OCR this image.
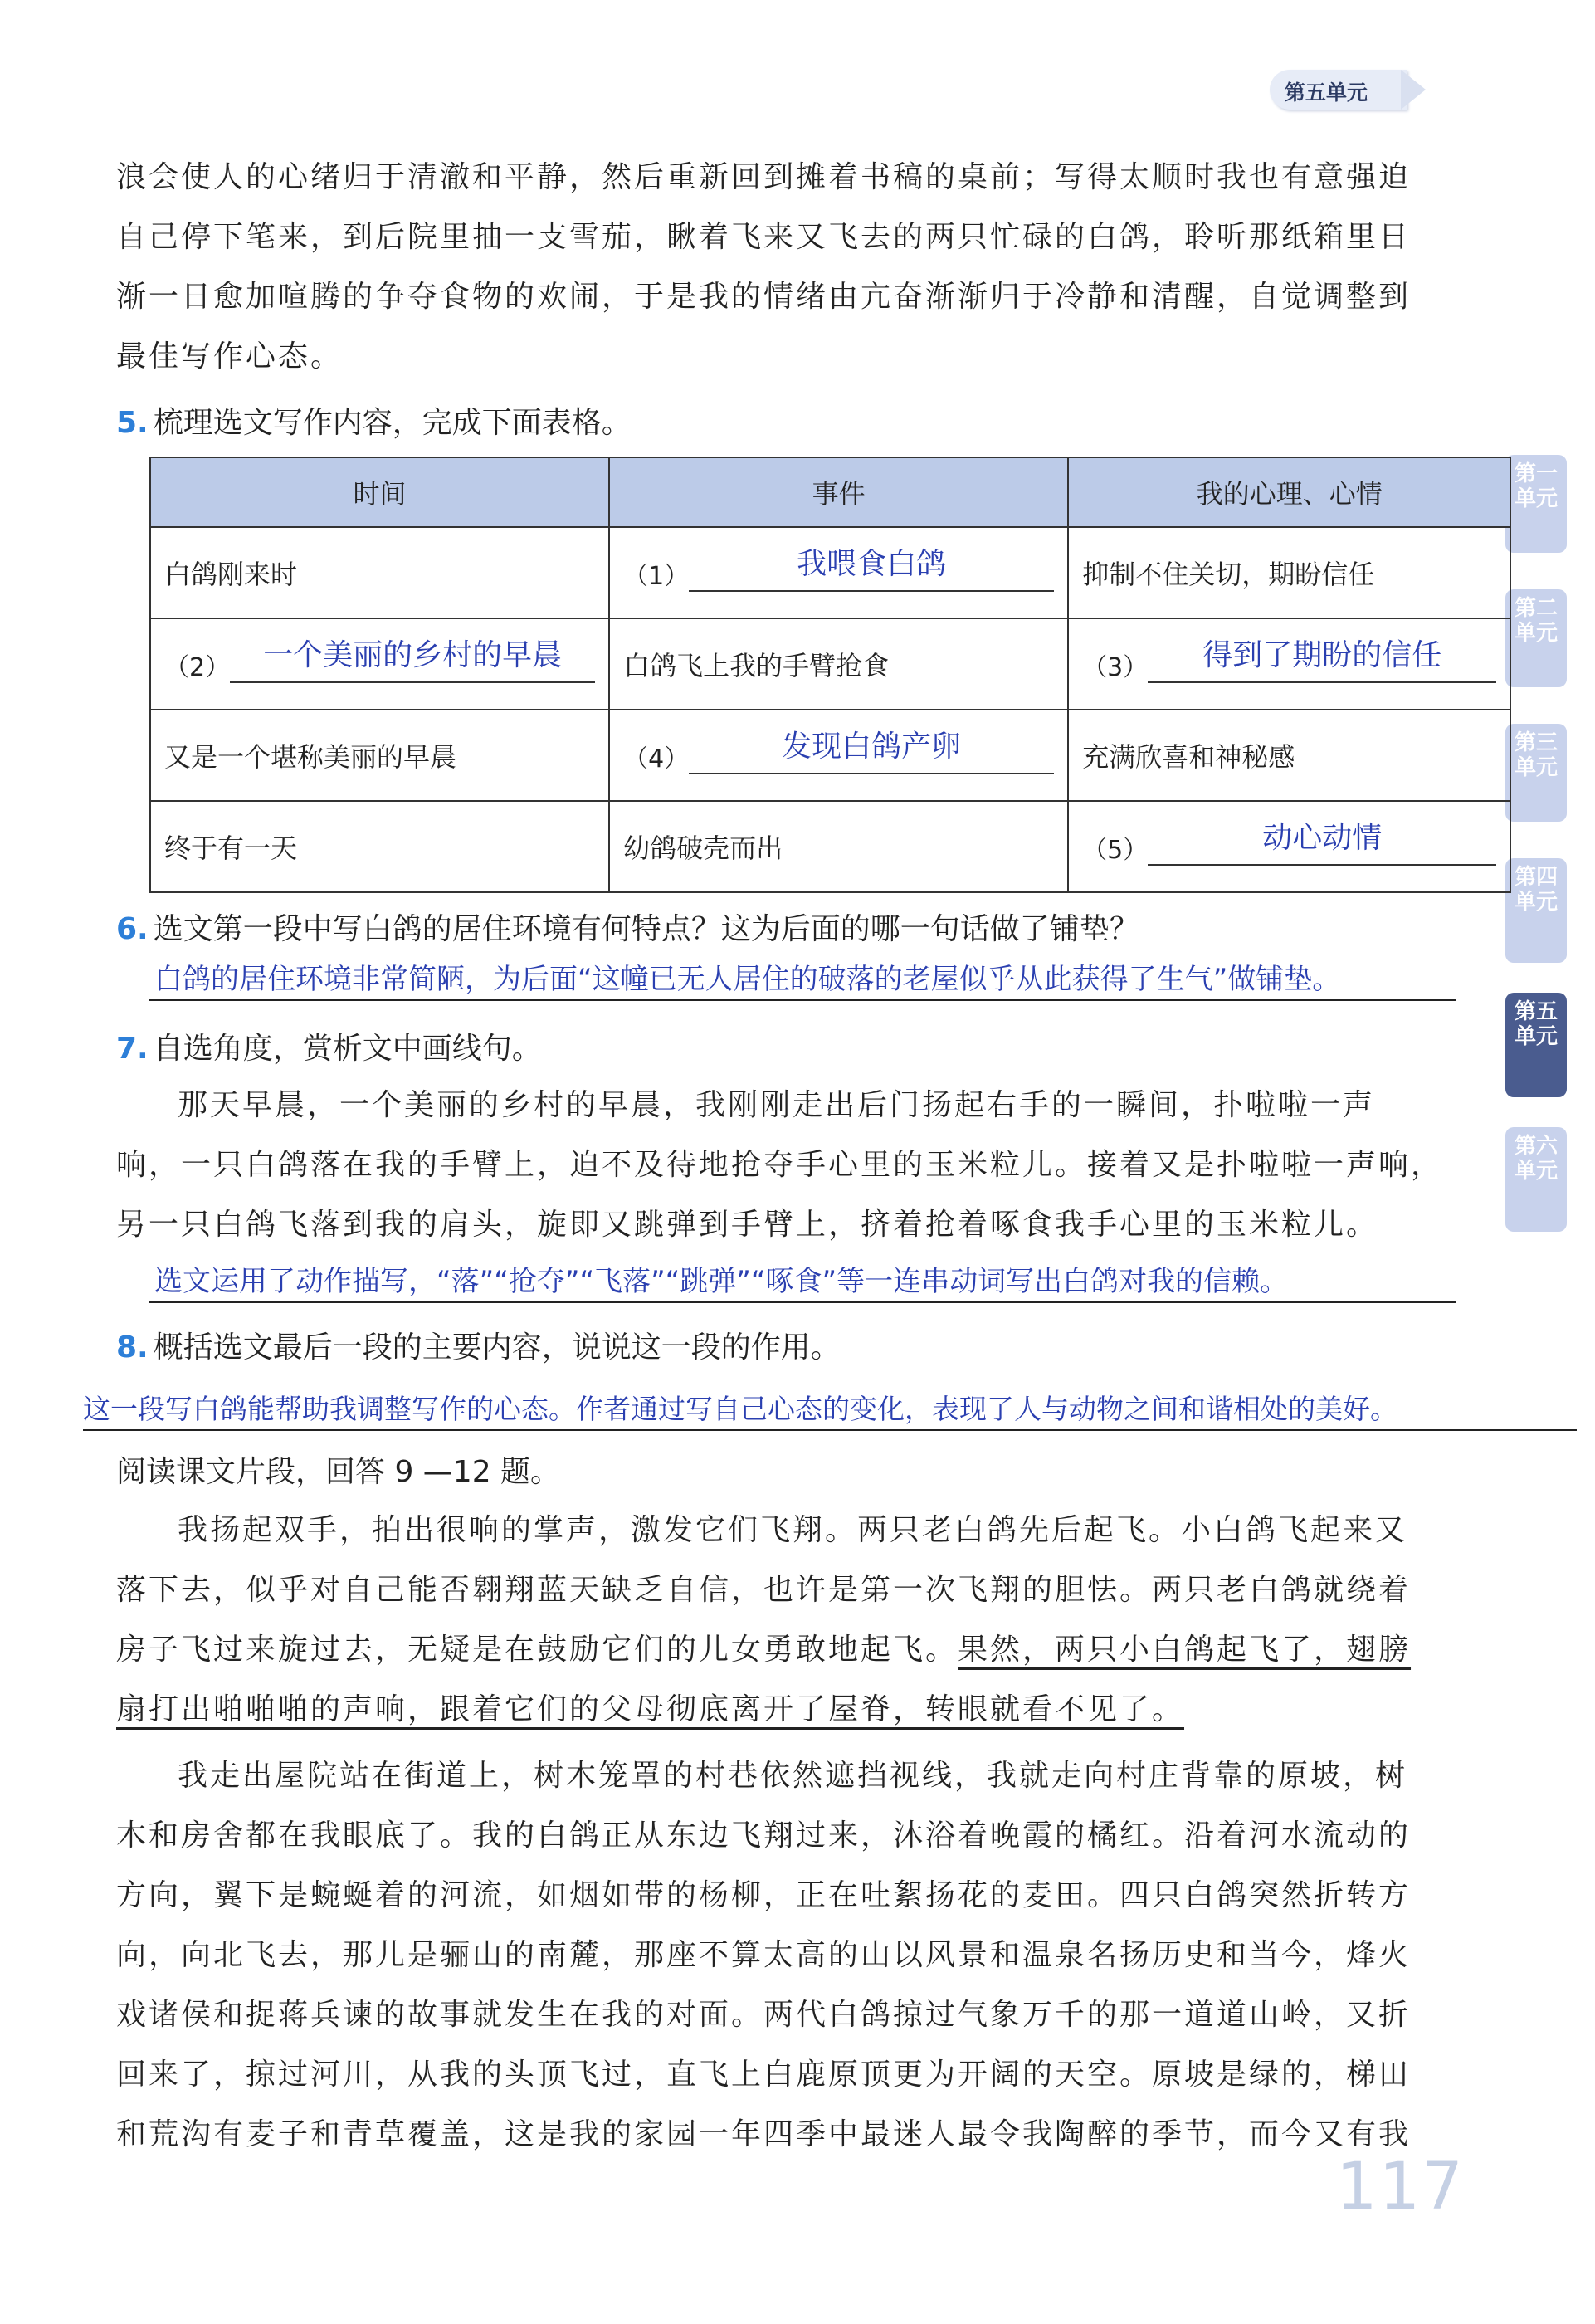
第五单元
第一单元
第二单元
第三单元
第四单元
第五单元
第六单元
浪会使人的心绪归于清澈和平静，然后重新回到摊着书稿的桌前；写得太顺时我也有意强迫
自己停下笔来，到后院里抽一支雪茄，瞅着飞来又飞去的两只忙碌的白鸽，聆听那纸箱里日
渐一日愈加喧腾的争夺食物的欢闹，于是我的情绪由亢奋渐渐归于冷静和清醒，自觉调整到
最佳写作心态。
5. 梳理选文写作内容，完成下面表格。
时间	事件	我的心理、心情
白鸽刚来时	（1） 我喂食白鸽	抑制不住关切，期盼信任
（2） 一个美丽的乡村的早晨	白鸽飞上我的手臂抢食	（3） 得到了期盼的信任
又是一个堪称美丽的早晨	（4） 发现白鸽产卵	充满欣喜和神秘感
终于有一天	幼鸽破壳而出	（5） 动心动情
6. 选文第一段中写白鸽的居住环境有何特点？这为后面的哪一句话做了铺垫？
白鸽的居住环境非常简陋，为后面“这幢已无人居住的破落的老屋似乎从此获得了生气”做铺垫。
7. 自选角度，赏析文中画线句。
那天早晨，一个美丽的乡村的早晨，我刚刚走出后门扬起右手的一瞬间，扑啦啦一声
响，一只白鸽落在我的手臂上，迫不及待地抢夺手心里的玉米粒儿。接着又是扑啦啦一声响，
另一只白鸽飞落到我的肩头，旋即又跳弹到手臂上，挤着抢着啄食我手心里的玉米粒儿。
选文运用了动作描写，“落”“抢夺”“飞落”“跳弹”“啄食”等一连串动词写出白鸽对我的信赖。
8. 概括选文最后一段的主要内容，说说这一段的作用。
这一段写白鸽能帮助我调整写作的心态。作者通过写自己心态的变化，表现了人与动物之间和谐相处的美好。
阅读课文片段，回答 9 —12 题。
我扬起双手，拍出很响的掌声，激发它们飞翔。两只老白鸽先后起飞。小白鸽飞起来又
落下去，似乎对自己能否翱翔蓝天缺乏自信，也许是第一次飞翔的胆怯。两只老白鸽就绕着
房子飞过来旋过去，无疑是在鼓励它们的儿女勇敢地起飞。果然，两只小白鸽起飞了，翅膀
扇打出啪啪啪的声响，跟着它们的父母彻底离开了屋脊，转眼就看不见了。
我走出屋院站在街道上，树木笼罩的村巷依然遮挡视线，我就走向村庄背靠的原坡，树
木和房舍都在我眼底了。我的白鸽正从东边飞翔过来，沐浴着晚霞的橘红。沿着河水流动的
方向，翼下是蜿蜒着的河流，如烟如带的杨柳，正在吐絮扬花的麦田。四只白鸽突然折转方
向，向北飞去，那儿是骊山的南麓，那座不算太高的山以风景和温泉名扬历史和当今，烽火
戏诸侯和捉蒋兵谏的故事就发生在我的对面。两代白鸽掠过气象万千的那一道道山岭，又折
回来了，掠过河川，从我的头顶飞过，直飞上白鹿原顶更为开阔的天空。原坡是绿的，梯田
和荒沟有麦子和青草覆盖，这是我的家园一年四季中最迷人最令我陶醉的季节，而今又有我
117
